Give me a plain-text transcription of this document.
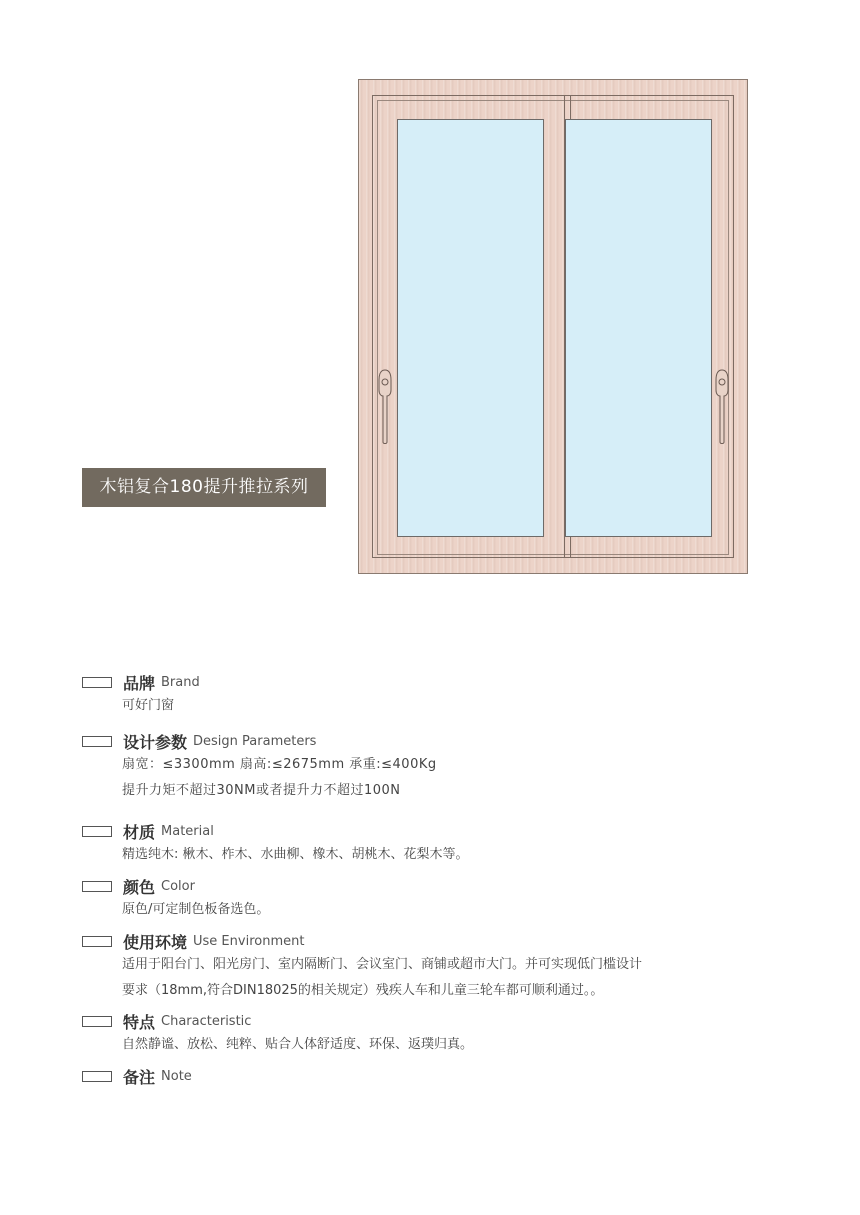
木铝复合180提升推拉系列
品牌 Brand
可好门窗
设计参数 Design Parameters
扇宽：≤3300mm 扇高:≤2675mm 承重:≤400Kg
提升力矩不超过30NM或者提升力不超过100N
材质 Material
精选纯木: 楸木、柞木、水曲柳、橡木、胡桃木、花梨木等。
颜色 Color
原色/可定制色板备选色。
使用环境 Use Environment
适用于阳台门、阳光房门、室内隔断门、会议室门、商铺或超市大门。并可实现低门槛设计
要求（18mm,符合DIN18025的相关规定）残疾人车和儿童三轮车都可顺利通过。。
特点 Characteristic
自然静谧、放松、纯粹、贴合人体舒适度、环保、返璞归真。
备注 Note
